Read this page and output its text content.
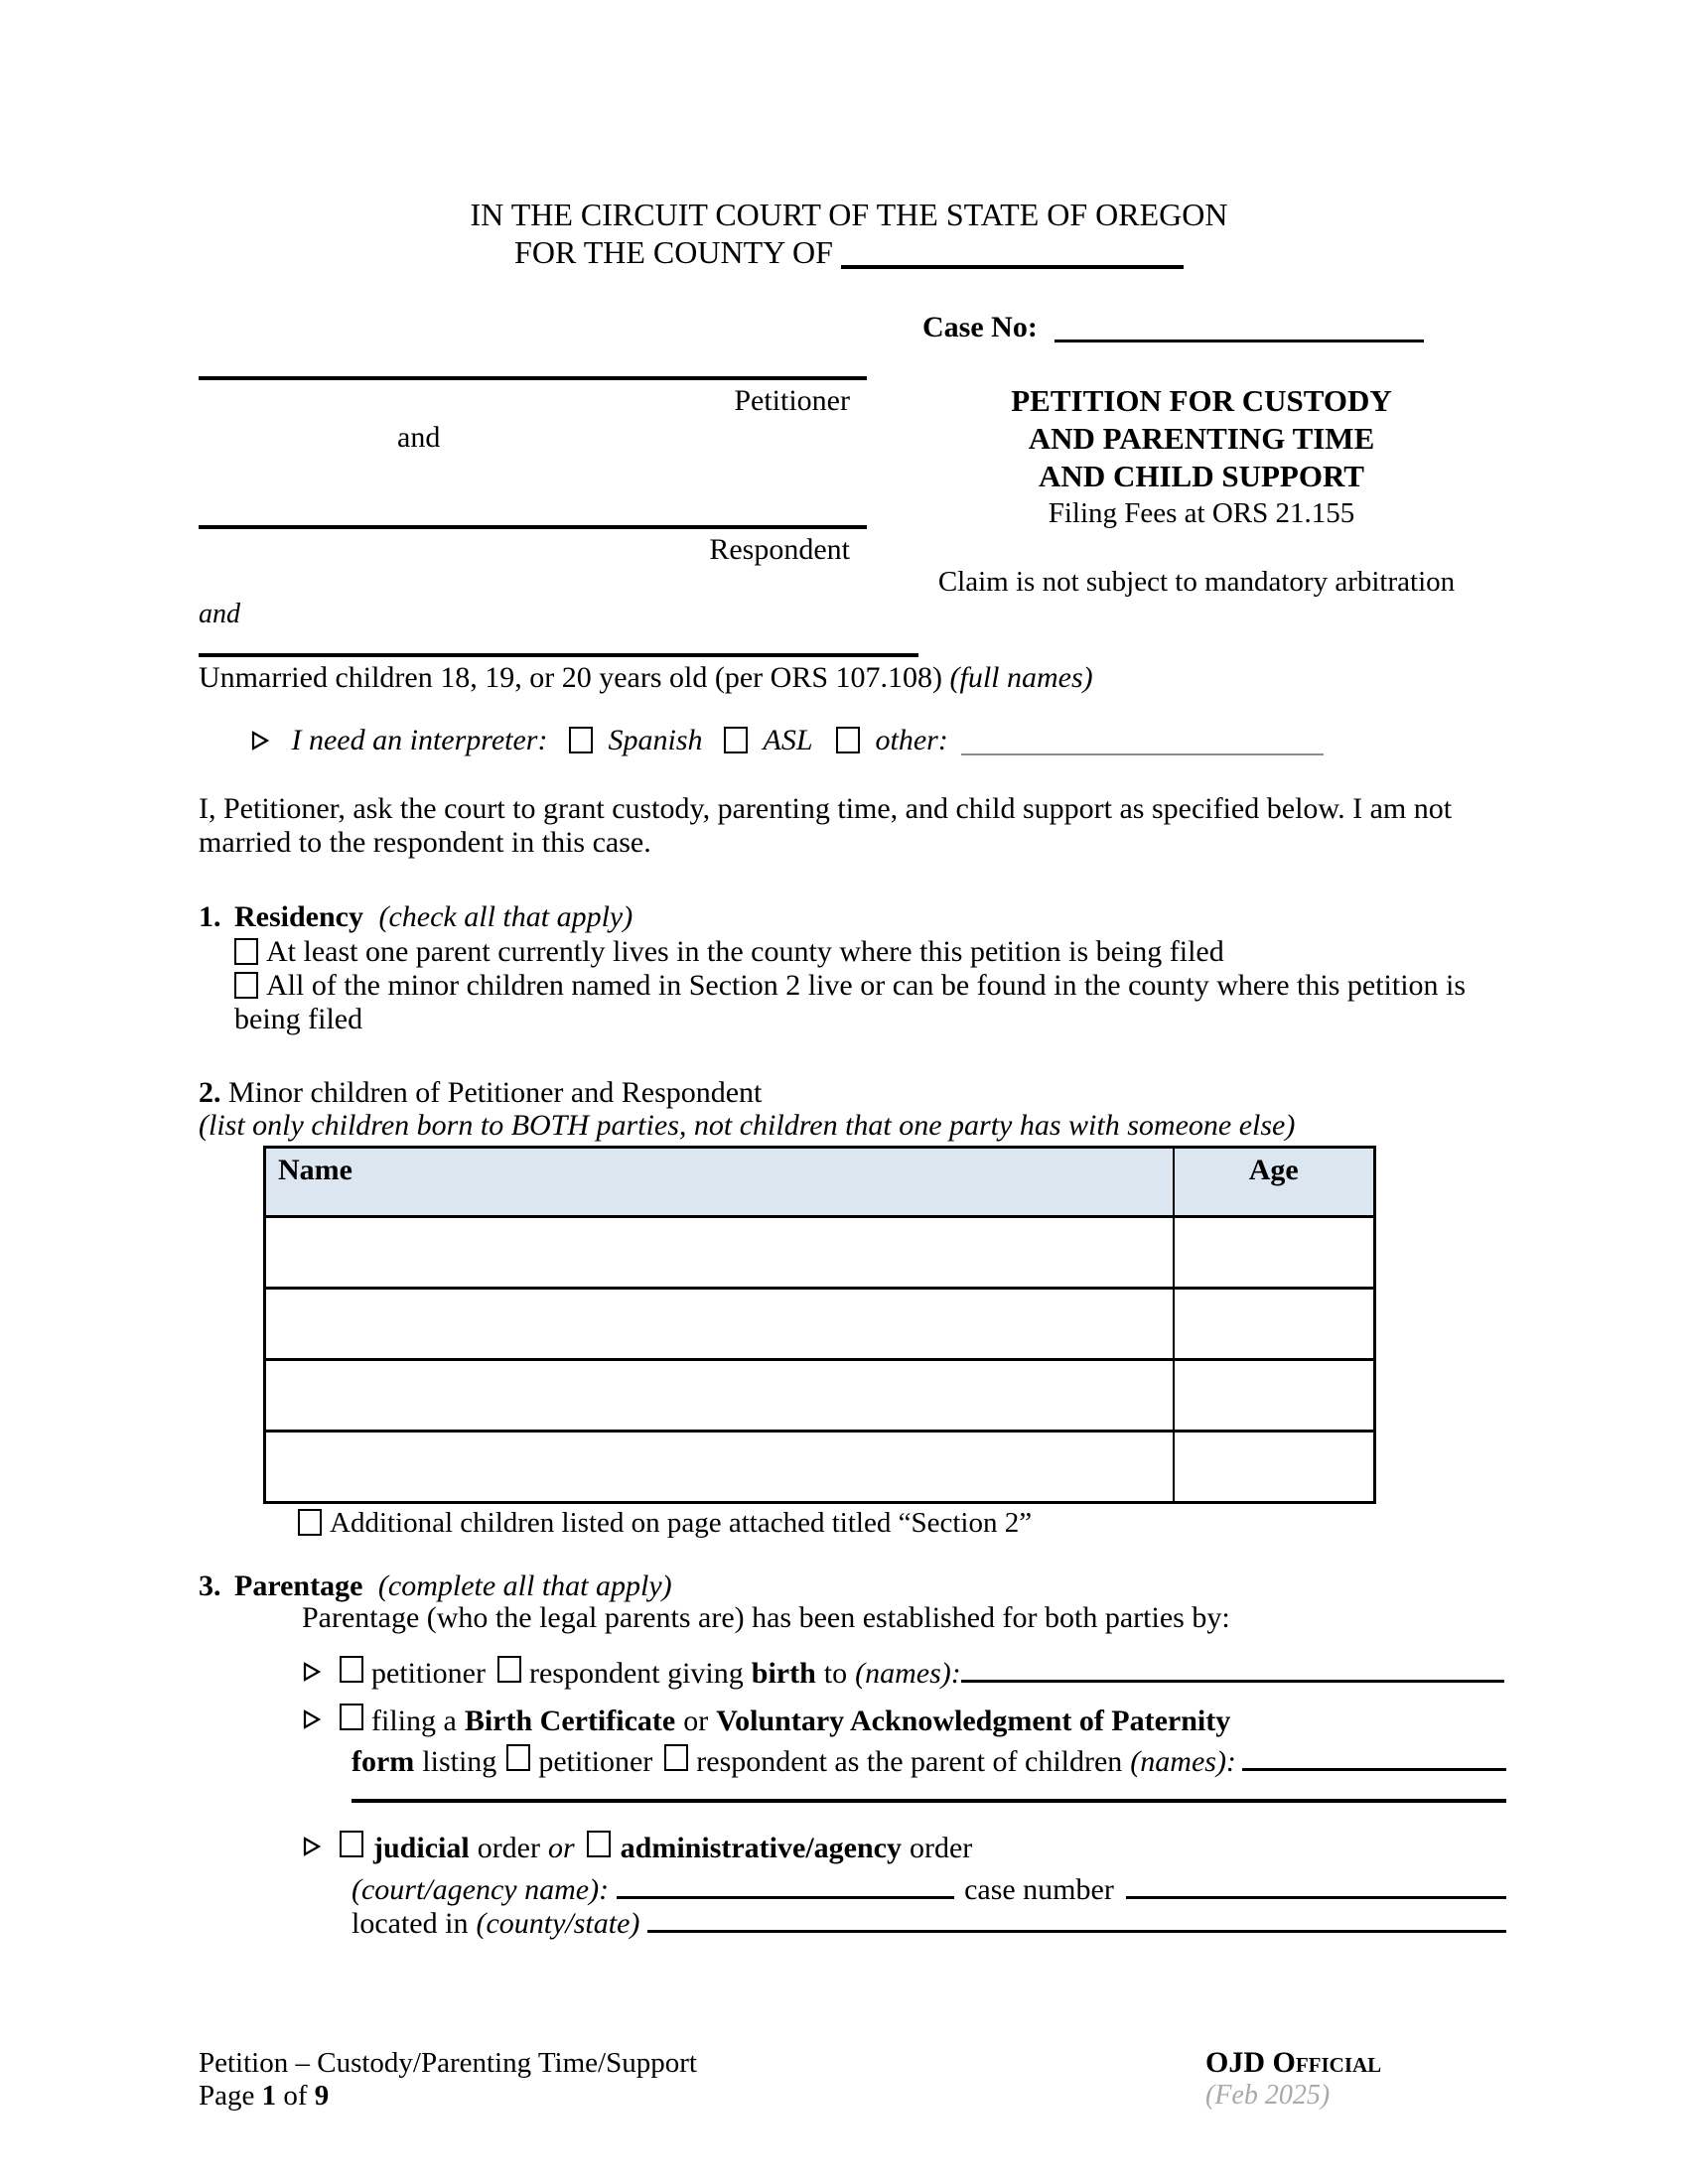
IN THE CIRCUIT COURT OF THE STATE OF OREGON
FOR THE COUNTY OF
Case No:
Petitioner
and
Respondent
PETITION FOR CUSTODY
AND PARENTING TIME
AND CHILD SUPPORT
Filing Fees at ORS 21.155
Claim is not subject to mandatory arbitration
and
Unmarried children 18, 19, or 20 years old (per ORS 107.108) (full names)
I need an interpreter: Spanish ASL other:
I, Petitioner, ask the court to grant custody, parenting time, and child support as specified below. I am not married to the respondent in this case.
1. Residency (check all that apply)
At least one parent currently lives in the county where this petition is being filed
All of the minor children named in Section 2 live or can be found in the county where this petition is being filed
2. Minor children of Petitioner and Respondent
(list only children born to BOTH parties, not children that one party has with someone else)
Name	Age

Additional children listed on page attached titled “Section 2”
3. Parentage (complete all that apply)
Parentage (who the legal parents are) has been established for both parties by:
petitioner respondent giving birth to (names):
filing a Birth Certificate or Voluntary Acknowledgment of Paternity
form listing petitioner respondent as the parent of children (names):
judicial order or administrative/agency order
(court/agency name):	case number
located in (county/state)
Petition – Custody/Parenting Time/Support
Page 1 of 9
OJD Official
(Feb 2025)
